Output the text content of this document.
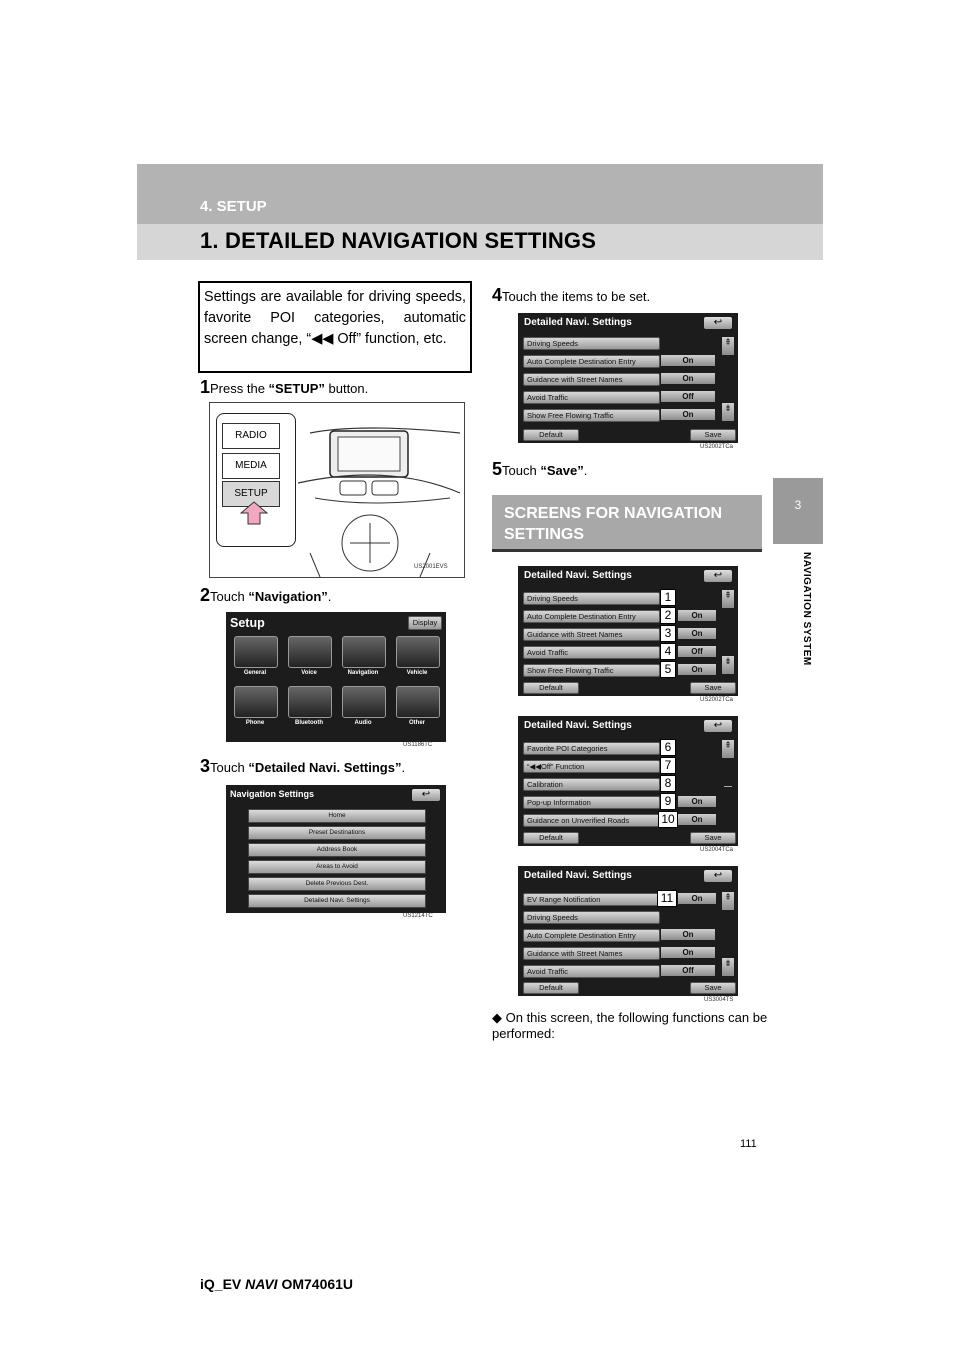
4. SETUP
1. DETAILED NAVIGATION SETTINGS
3
NAVIGATION SYSTEM
Settings are available for driving speeds, favorite POI categories, automatic screen change, “◀◀ Off” function, etc.
1Press the “SETUP” button.
RADIO
MEDIA
SETUP
US2001EVS
2Touch “Navigation”.
Setup	Display
General	Voice	Navigation	Vehicle
Phone	Bluetooth	Audio	Other
US1186TC
3Touch “Detailed Navi. Settings”.
Navigation Settings	↩
Home
Preset Destinations
Address Book
Areas to Avoid
Delete Previous Dest.
Detailed Navi. Settings
US1214TC
4Touch the items to be set.
Detailed Navi. Settings	↩
Driving Speeds
Auto Complete Destination Entry	On
Guidance with Street Names	On
Avoid Traffic	Off
Show Free Flowing Traffic	On
⇞
⇟
Default	Save
US2002TCa
5Touch “Save”.
SCREENS FOR NAVIGATION SETTINGS
Detailed Navi. Settings	↩
Driving Speeds	1
Auto Complete Destination Entry	2	On
Guidance with Street Names	3	On
Avoid Traffic	4	Off
Show Free Flowing Traffic	5	On
⇞
⇟
Default	Save
US2002TCa
Detailed Navi. Settings	↩
Favorite POI Categories	6
“◀◀Off” Function	7
Calibration	8
Pop-up Information	9	On
Guidance on Unverified Roads	10	On
⇞
Default	Save
US2004TCa
Detailed Navi. Settings	↩
EV Range Notification	11	On
Driving Speeds
Auto Complete Destination Entry	On
Guidance with Street Names	On
Avoid Traffic	Off
⇞
⇟
Default	Save
US3004TS
◆ On this screen, the following functions can be performed:
111
iQ_EV NAVI OM74061U
